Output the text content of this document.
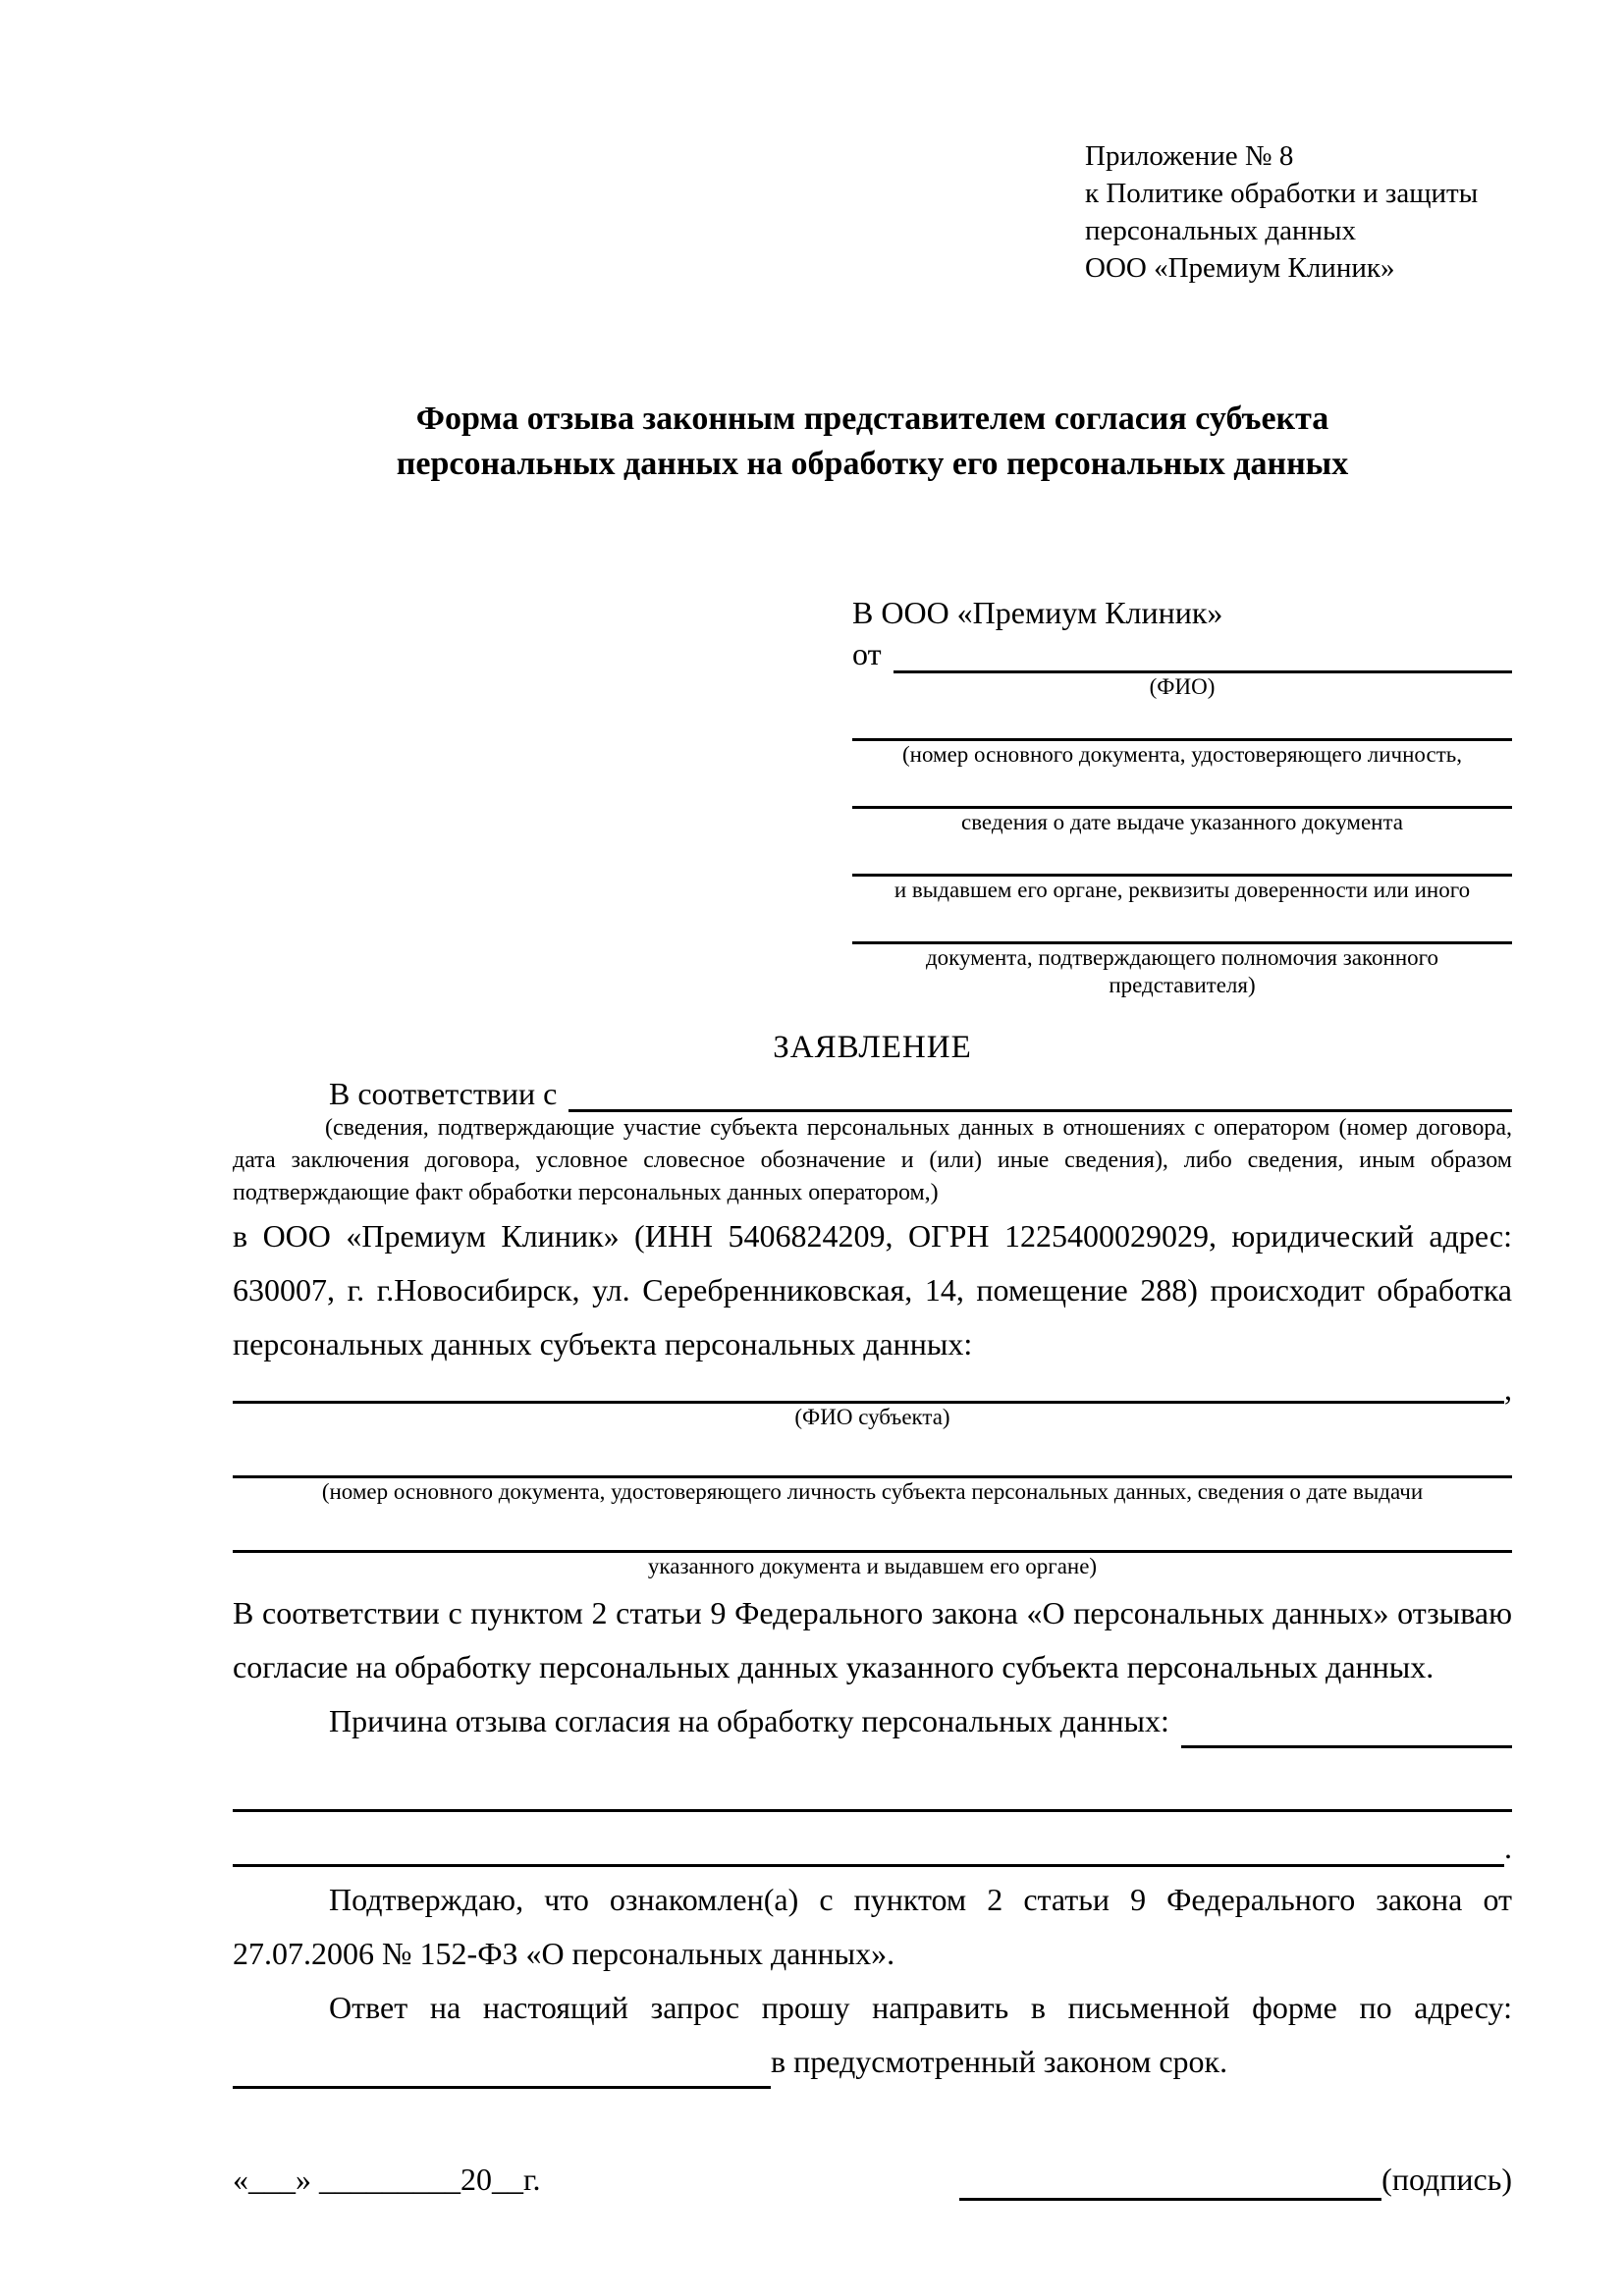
Приложение № 8
к Политике обработки и защиты
персональных данных
ООО «Премиум Клиник»
Форма отзыва законным представителем согласия субъекта
персональных данных на обработку его персональных данных
В ООО «Премиум Клиник»
от
(ФИО)
(номер основного документа, удостоверяющего личность,
сведения о дате выдаче указанного документа
и выдавшем его органе, реквизиты доверенности или иного
документа, подтверждающего полномочия законного представителя)
ЗАЯВЛЕНИЕ
В соответствии с
(сведения, подтверждающие участие субъекта персональных данных в отношениях с оператором (номер договора, дата заключения договора, условное словесное обозначение и (или) иные сведения), либо сведения, иным образом подтверждающие факт обработки персональных данных оператором,)
в ООО «Премиум Клиник» (ИНН 5406824209, ОГРН 1225400029029, юридический адрес: 630007, г. г.Новосибирск, ул. Серебренниковская, 14, помещение 288) происходит обработка персональных данных субъекта персональных данных:
,
(ФИО субъекта)
(номер основного документа, удостоверяющего личность субъекта персональных данных, сведения о дате выдачи
указанного документа и выдавшем его органе)
В соответствии с пунктом 2 статьи 9 Федерального закона «О персональных данных» отзываю согласие на обработку персональных данных указанного субъекта персональных данных.
Причина отзыва согласия на обработку персональных данных:
.
Подтверждаю, что ознакомлен(а) с пунктом 2 статьи 9 Федерального закона от 27.07.2006 № 152-ФЗ «О персональных данных».
Ответ на настоящий запрос прошу направить в письменной форме по адресу:
в предусмотренный законом срок.
«___» _________20__г.	(подпись)
